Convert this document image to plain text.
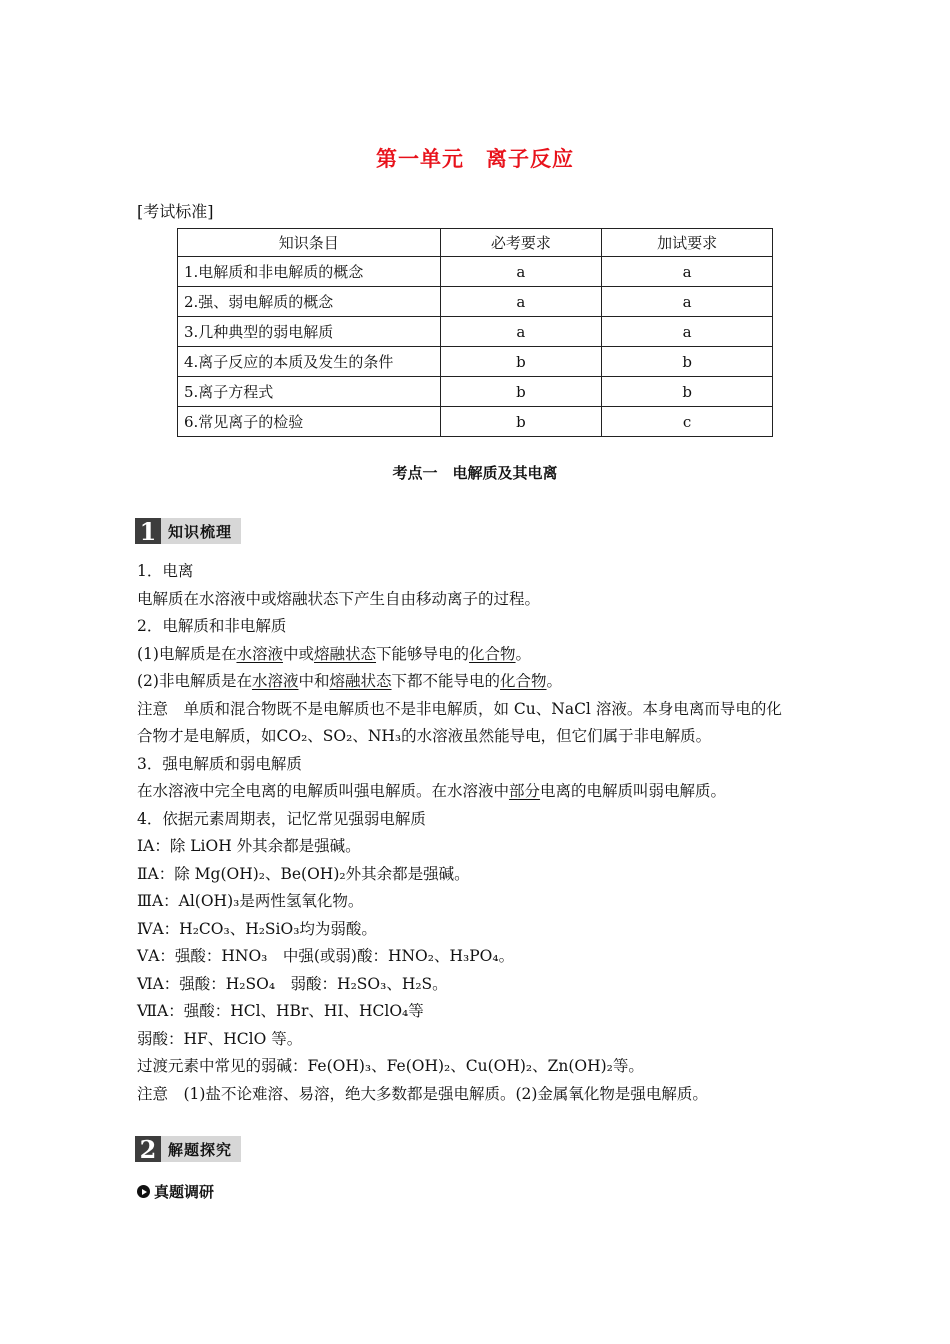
第一单元　离子反应
[考试标准]
知识条目	必考要求	加试要求
1.电解质和非电解质的概念	a	a
2.强、弱电解质的概念	a	a
3.几种典型的弱电解质	a	a
4.离子反应的本质及发生的条件	b	b
5.离子方程式	b	b
6.常见离子的检验	b	c
考点一　电解质及其电离
1 知识梳理
1．电离
电解质在水溶液中或熔融状态下产生自由移动离子的过程。
2．电解质和非电解质
(1)电解质是在水溶液中或熔融状态下能够导电的化合物。
(2)非电解质是在水溶液中和熔融状态下都不能导电的化合物。
注意　单质和混合物既不是电解质也不是非电解质，如 Cu、NaCl 溶液。本身电离而导电的化
合物才是电解质，如CO₂、SO₂、NH₃的水溶液虽然能导电，但它们属于非电解质。
3．强电解质和弱电解质
在水溶液中完全电离的电解质叫强电解质。在水溶液中部分电离的电解质叫弱电解质。
4．依据元素周期表，记忆常见强弱电解质
ⅠA：除 LiOH 外其余都是强碱。
ⅡA：除 Mg(OH)₂、Be(OH)₂外其余都是强碱。
ⅢA：Al(OH)₃是两性氢氧化物。
ⅣA：H₂CO₃、H₂SiO₃均为弱酸。
ⅤA：强酸：HNO₃　中强(或弱)酸：HNO₂、H₃PO₄。
ⅥA：强酸：H₂SO₄　弱酸：H₂SO₃、H₂S。
ⅦA：强酸：HCl、HBr、HI、HClO₄等
弱酸：HF、HClO 等。
过渡元素中常见的弱碱：Fe(OH)₃、Fe(OH)₂、Cu(OH)₂、Zn(OH)₂等。
注意　(1)盐不论难溶、易溶，绝大多数都是强电解质。(2)金属氧化物是强电解质。
2 解题探究
真题调研
